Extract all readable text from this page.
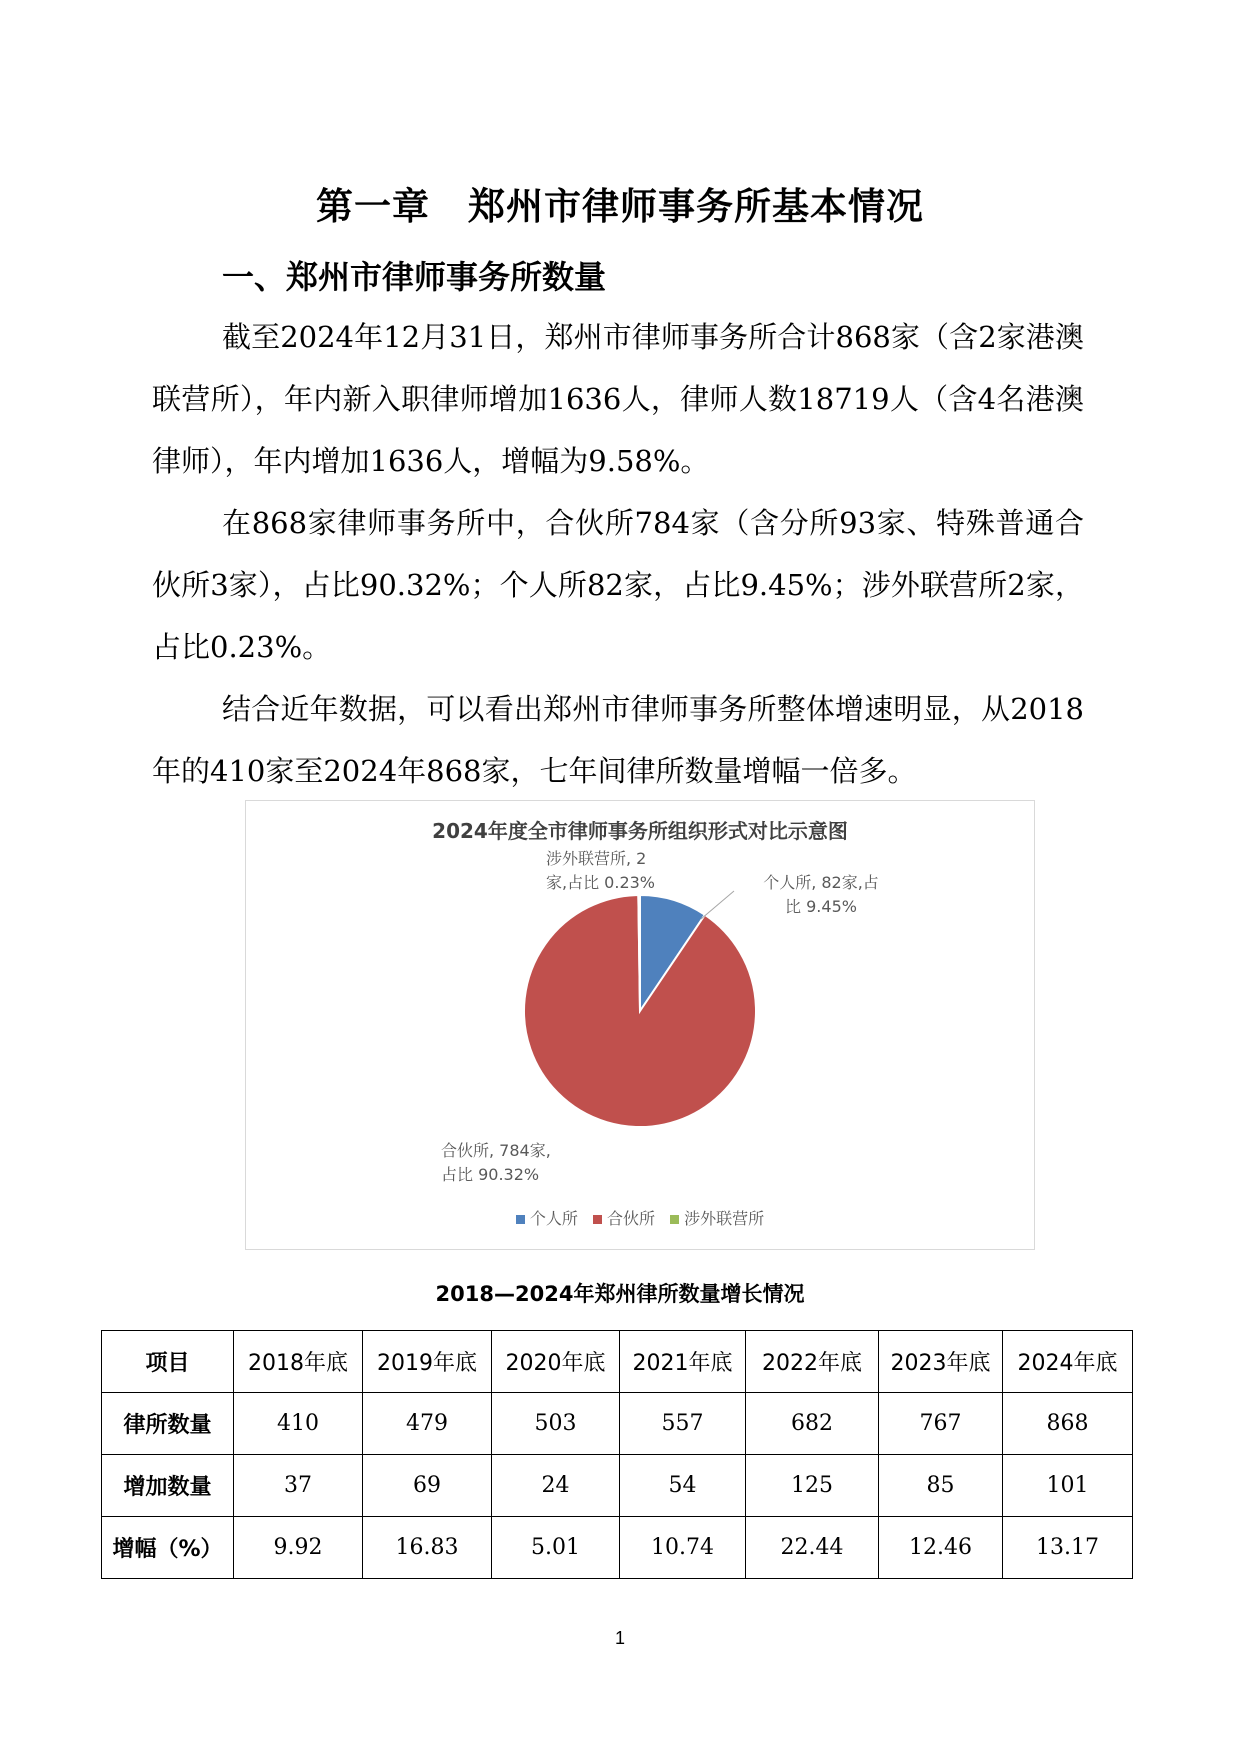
第一章　郑州市律师事务所基本情况
一、郑州市律师事务所数量
截至2024年12月31日，郑州市律师事务所合计868家（含2家港澳联营所），年内新入职律师增加1636人，律师人数18719人（含4名港澳律师），年内增加1636人，增幅为9.58%。
在868家律师事务所中，合伙所784家（含分所93家、特殊普通合伙所3家），占比90.32%；个人所82家，占比9.45%；涉外联营所2家，占比0.23%。
结合近年数据，可以看出郑州市律师事务所整体增速明显，从2018年的410家至2024年868家，七年间律所数量增幅一倍多。
2024年度全市律师事务所组织形式对比示意图
个人所, 82家,占
比 9.45%
涉外联营所, 2
家,占比 0.23%
合伙所, 784家,
占比 90.32%
个人所 合伙所 涉外联营所
2018—2024年郑州律所数量增长情况
项目	2018年底	2019年底	2020年底	2021年底	2022年底	2023年底	2024年底
律所数量	410	479	503	557	682	767	868
增加数量	37	69	24	54	125	85	101
增幅（%）	9.92	16.83	5.01	10.74	22.44	12.46	13.17
1
